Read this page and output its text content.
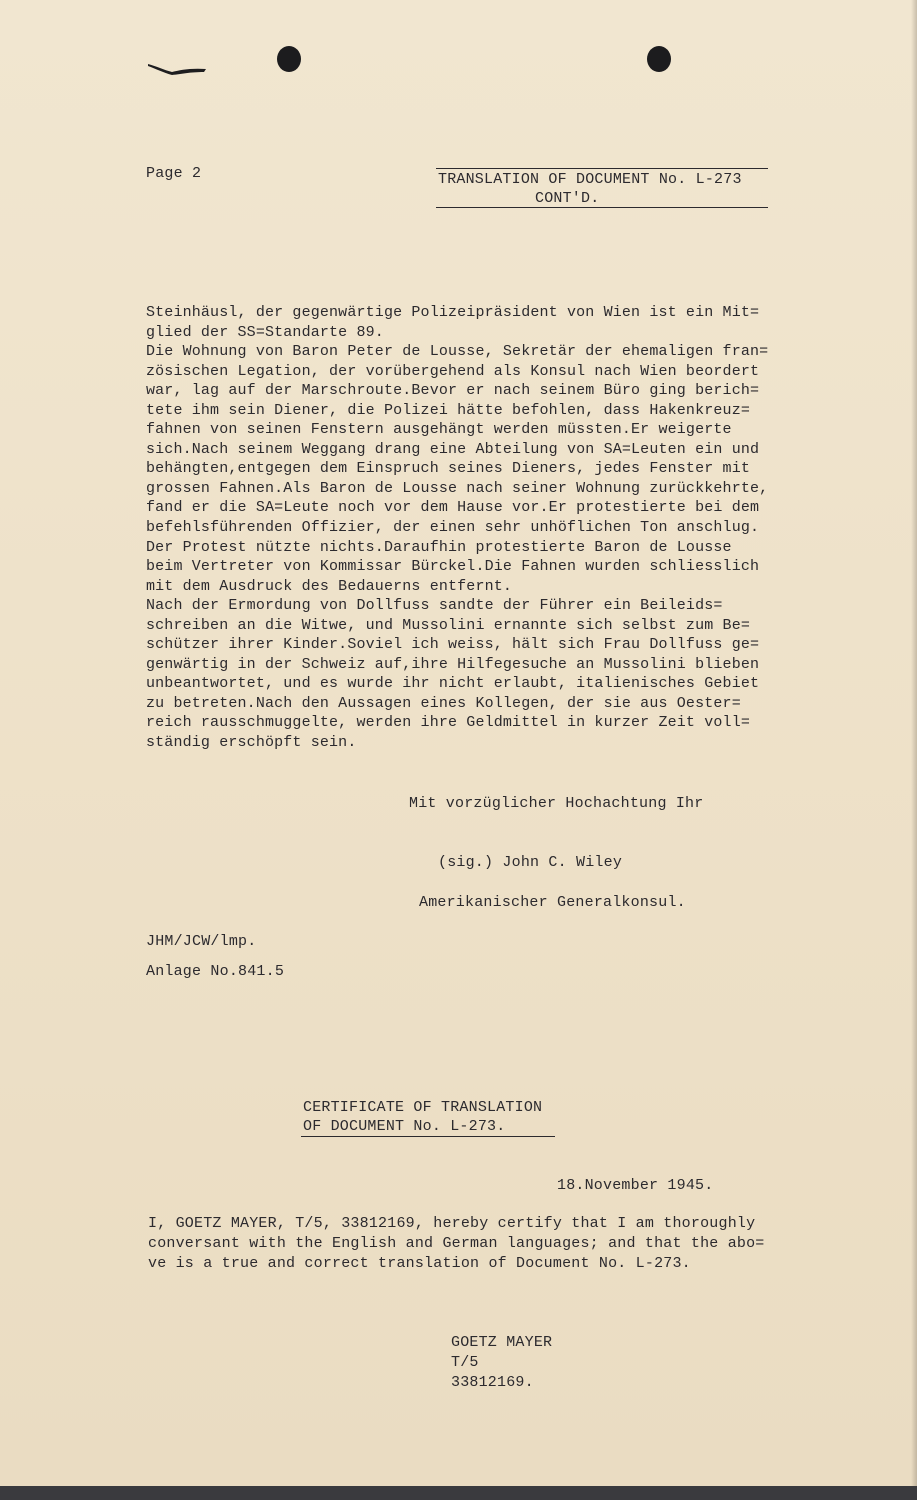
Page 2	TRANSLATION OF DOCUMENT No. L-273
CONT'D.
Steinhäusl, der gegenwärtige Polizeipräsident von Wien ist ein Mit=
glied der SS=Standarte 89.
Die Wohnung von Baron Peter de Lousse, Sekretär der ehemaligen fran=
zösischen Legation, der vorübergehend als Konsul nach Wien beordert
war, lag auf der Marschroute.Bevor er nach seinem Büro ging berich=
tete ihm sein Diener, die Polizei hätte befohlen, dass Hakenkreuz=
fahnen von seinen Fenstern ausgehängt werden müssten.Er weigerte
sich.Nach seinem Weggang drang eine Abteilung von SA=Leuten ein und
behängten,entgegen dem Einspruch seines Dieners, jedes Fenster mit
grossen Fahnen.Als Baron de Lousse nach seiner Wohnung zurückkehrte,
fand er die SA=Leute noch vor dem Hause vor.Er protestierte bei dem
befehlsführenden Offizier, der einen sehr unhöflichen Ton anschlug.
Der Protest nützte nichts.Daraufhin protestierte Baron de Lousse
beim Vertreter von Kommissar Bürckel.Die Fahnen wurden schliesslich
mit dem Ausdruck des Bedauerns entfernt.
Nach der Ermordung von Dollfuss sandte der Führer ein Beileids=
schreiben an die Witwe, und Mussolini ernannte sich selbst zum Be=
schützer ihrer Kinder.Soviel ich weiss, hält sich Frau Dollfuss ge=
genwärtig in der Schweiz auf,ihre Hilfegesuche an Mussolini blieben
unbeantwortet, und es wurde ihr nicht erlaubt, italienisches Gebiet
zu betreten.Nach den Aussagen eines Kollegen, der sie aus Oester=
reich rausschmuggelte, werden ihre Geldmittel in kurzer Zeit voll=
ständig erschöpft sein.
Mit vorzüglicher Hochachtung Ihr
(sig.) John C. Wiley
Amerikanischer Generalkonsul.
JHM/JCW/lmp.
Anlage No.841.5
CERTIFICATE OF TRANSLATION
OF DOCUMENT No. L-273.
18.November 1945.
I, GOETZ MAYER, T/5, 33812169, hereby certify that I am thoroughly
conversant with the English and German languages; and that the abo=
ve is a true and correct translation of Document No. L-273.
GOETZ MAYER
T/5
33812169.
